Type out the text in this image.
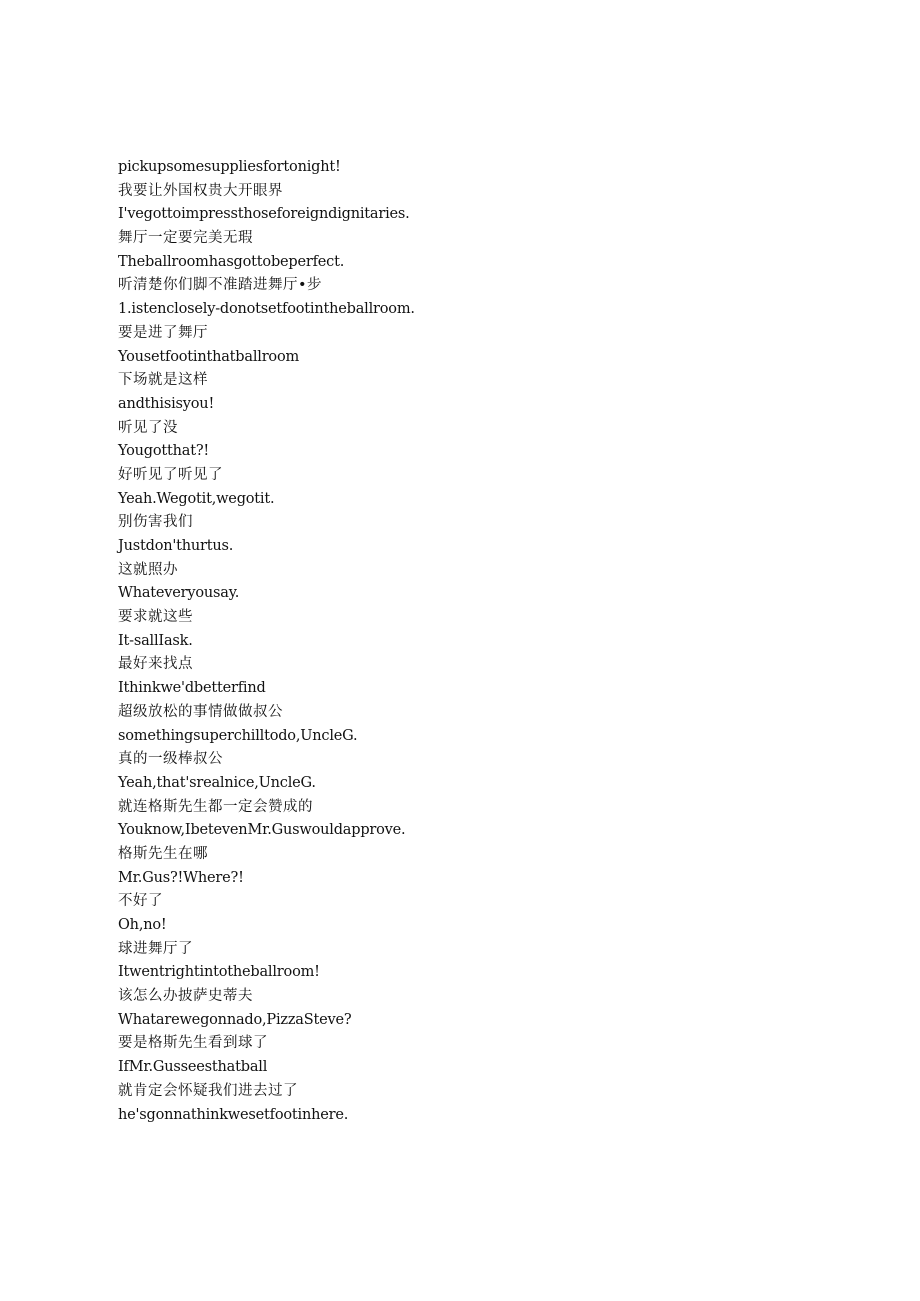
pickupsomesuppliesfortonight!
我要让外国权贵大开眼界
I'vegottoimpressthoseforeigndignitaries.
舞厅一定要完美无瑕
Theballroomhasgottobeperfect.
听清楚你们脚不准踏进舞厅•步
1.istenclosely-donotsetfootintheballroom.
要是进了舞厅
Yousetfootinthatballroom
下场就是这样
andthisisyou!
听见了没
Yougotthat?!
好听见了听见了
Yeah.Wegotit,wegotit.
别伤害我们
Justdon'thurtus.
这就照办
Whateveryousay.
要求就这些
It-sallIask.
最好来找点
Ithinkwe'dbetterfind
超级放松的事情做做叔公
somethingsuperchilltodo,UncleG.
真的一级棒叔公
Yeah,that'srealnice,UncleG.
就连格斯先生都一定会赞成的
Youknow,IbetevenMr.Guswouldapprove.
格斯先生在哪
Mr.Gus?!Where?!
不好了
Oh,no!
球进舞厅了
Itwentrightintotheballroom!
该怎么办披萨史蒂夫
Whatarewegonnado,PizzaSteve?
要是格斯先生看到球了
IfMr.Gusseesthatball
就肯定会怀疑我们进去过了
he'sgonnathinkwesetfootinhere.
